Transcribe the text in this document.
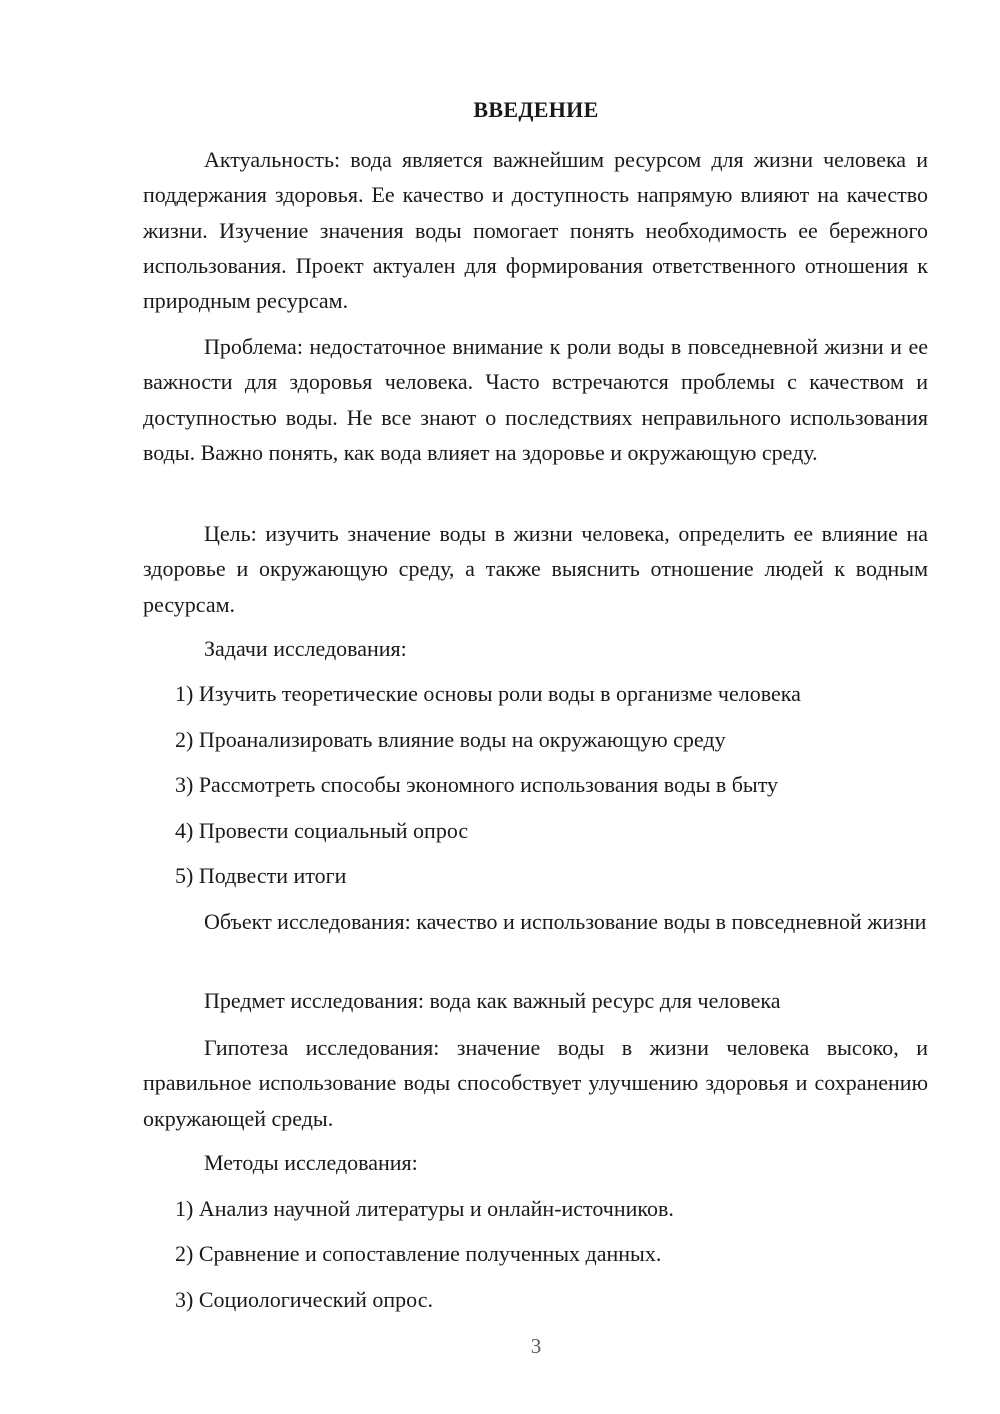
ВВЕДЕНИЕ

Актуальность: вода является важнейшим ресурсом для жизни человека и поддержания здоровья. Ее качество и доступность напрямую влияют на качество жизни. Изучение значения воды помогает понять необходимость ее бережного использования. Проект актуален для формирования ответственного отношения к природным ресурсам.

Проблема: недостаточное внимание к роли воды в повседневной жизни и ее важности для здоровья человека. Часто встречаются проблемы с качеством и доступностью воды. Не все знают о последствиях неправильного использования воды. Важно понять, как вода влияет на здоровье и окружающую среду.

Цель: изучить значение воды в жизни человека, определить ее влияние на здоровье и окружающую среду, а также выяснить отношение людей к водным ресурсам.

Задачи исследования:
1) Изучить теоретические основы роли воды в организме человека
2) Проанализировать влияние воды на окружающую среду
3) Рассмотреть способы экономного использования воды в быту
4) Провести социальный опрос
5) Подвести итоги

Объект исследования: качество и использование воды в повседневной жизни

Предмет исследования: вода как важный ресурс для человека

Гипотеза исследования: значение воды в жизни человека высоко, и правильное использование воды способствует улучшению здоровья и сохранению окружающей среды.

Методы исследования:
1) Анализ научной литературы и онлайн-источников.
2) Сравнение и сопоставление полученных данных.
3) Социологический опрос.
3
